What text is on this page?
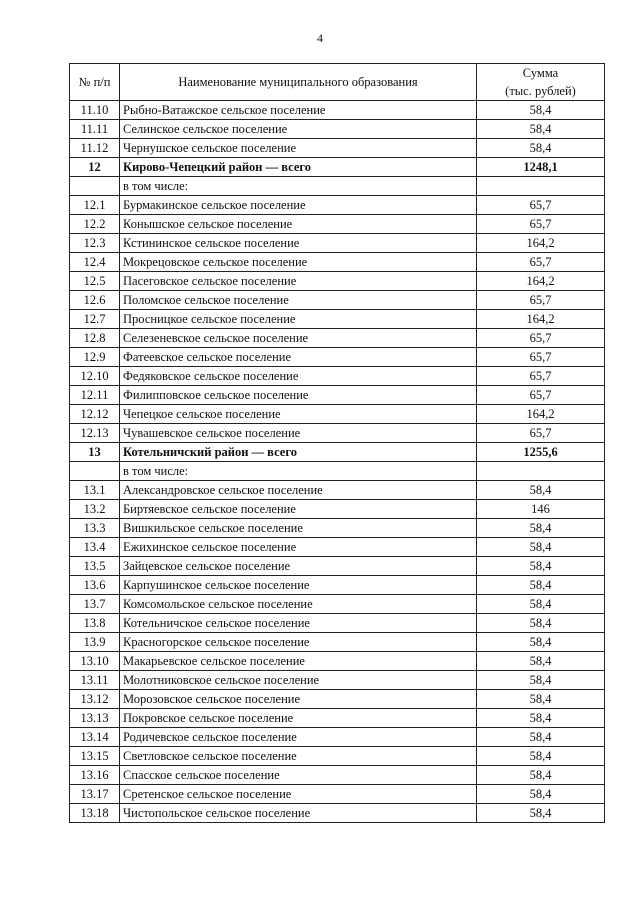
4
№ п/п	Наименование муниципального образования	Сумма
(тыс. рублей)

11.10	Рыбно-Ватажское сельское поселение	58,4
11.11	Селинское сельское поселение	58,4
11.12	Чернушское сельское поселение	58,4
12	Кирово-Чепецкий район — всего	1248,1
	в том числе:	
12.1	Бурмакинское сельское поселение	65,7
12.2	Конышское сельское поселение	65,7
12.3	Кстининское сельское поселение	164,2
12.4	Мокрецовское сельское поселение	65,7
12.5	Пасеговское сельское поселение	164,2
12.6	Поломское сельское поселение	65,7
12.7	Просницкое сельское поселение	164,2
12.8	Селезеневское сельское поселение	65,7
12.9	Фатеевское сельское поселение	65,7
12.10	Федяковское сельское поселение	65,7
12.11	Филипповское сельское поселение	65,7
12.12	Чепецкое сельское поселение	164,2
12.13	Чувашевское сельское поселение	65,7
13	Котельничский район — всего	1255,6
	в том числе:	
13.1	Александровское сельское поселение	58,4
13.2	Биртяевское сельское поселение	146
13.3	Вишкильское сельское поселение	58,4
13.4	Ежихинское сельское поселение	58,4
13.5	Зайцевское сельское поселение	58,4
13.6	Карпушинское сельское поселение	58,4
13.7	Комсомольское сельское поселение	58,4
13.8	Котельничское сельское поселение	58,4
13.9	Красногорское сельское поселение	58,4
13.10	Макарьевское сельское поселение	58,4
13.11	Молотниковское сельское поселение	58,4
13.12	Морозовское сельское поселение	58,4
13.13	Покровское сельское поселение	58,4
13.14	Родичевское сельское поселение	58,4
13.15	Светловское сельское поселение	58,4
13.16	Спасское сельское поселение	58,4
13.17	Сретенское сельское поселение	58,4
13.18	Чистопольское сельское поселение	58,4
